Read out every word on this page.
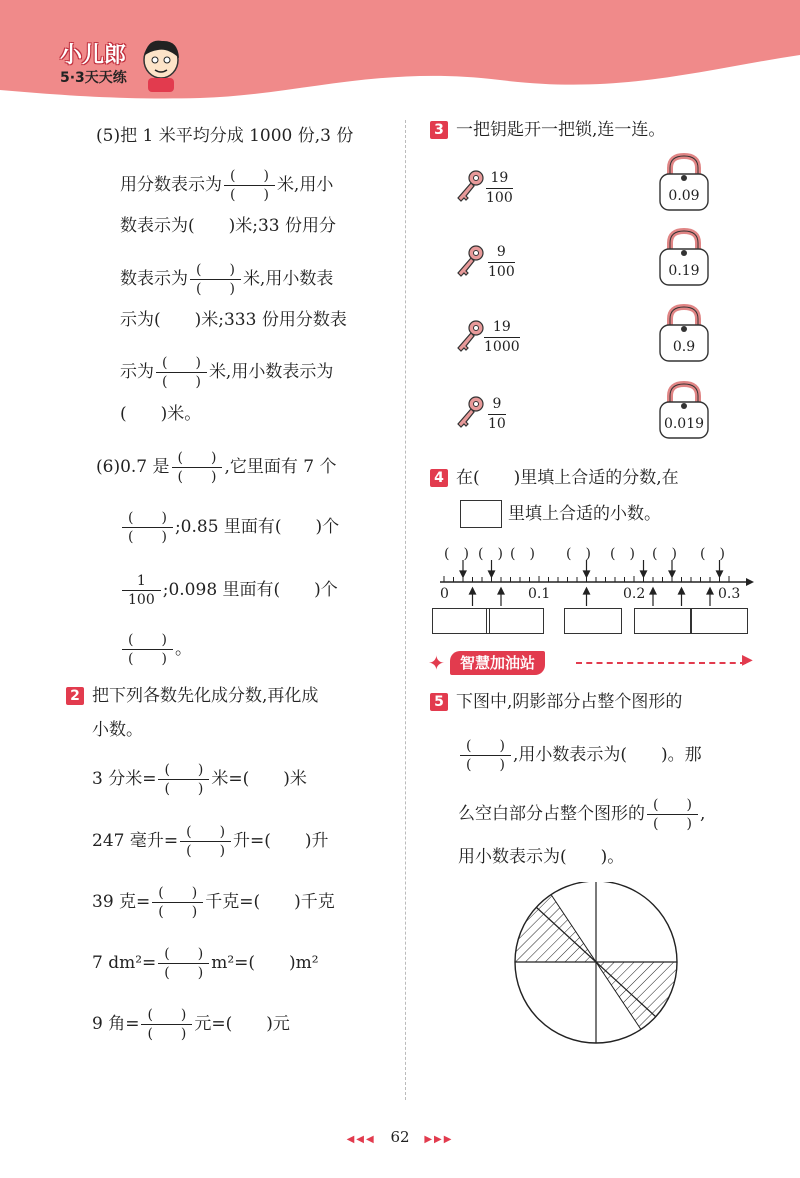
小儿郎
5·3天天练
(5)把 1 米平均分成 1000 份,3 份
用分数表示为 $\frac{( )}{( )}$ 米,用小
数表示为(　　)米;33 份用分
数表示为 $\frac{( )}{( )}$ 米,用小数表
示为(　　)米;333 份用分数表
示为 $\frac{( )}{( )}$ 米,用小数表示为
(　　)米。
(6)0.7 是 $\frac{( )}{( )}$ ,它里面有 7 个
$\frac{( )}{( )}$ ;0.85 里面有(　　)个
$\frac{1}{100}$ ;0.098 里面有(　　)个
$\frac{( )}{( )}$ 。
2 把下列各数先化成分数,再化成
小数。
3 分米= $\frac{( )}{( )}$ 米=(　　)米
247 毫升= $\frac{( )}{( )}$ 升=(　　)升
39 克= $\frac{( )}{( )}$ 千克=(　　)千克
7 $dm^2= \frac{( )}{( )} m^2=$(　　)m²
9 角= $\frac{( )}{( )}$ 元=(　　)元
3 一把钥匙开一把锁,连一连。
19
100
9
100
19
1000
9
10
0.09
0.19
0.9
0.019
4 在(　　)里填上合适的分数,在
里填上合适的小数。
(　) (　) (　) (　) (　) (　) (　)
0	0.1	0.2	0.3
✦	智慧加油站	▶
5 下图中,阴影部分占整个图形的
$\frac{( )}{( )}$ ,用小数表示为(　　)。那
么空白部分占整个图形的 $\frac{( )}{( )}$ ,
用小数表示为(　　)。
◀◀◀ 62 ▶▶▶
